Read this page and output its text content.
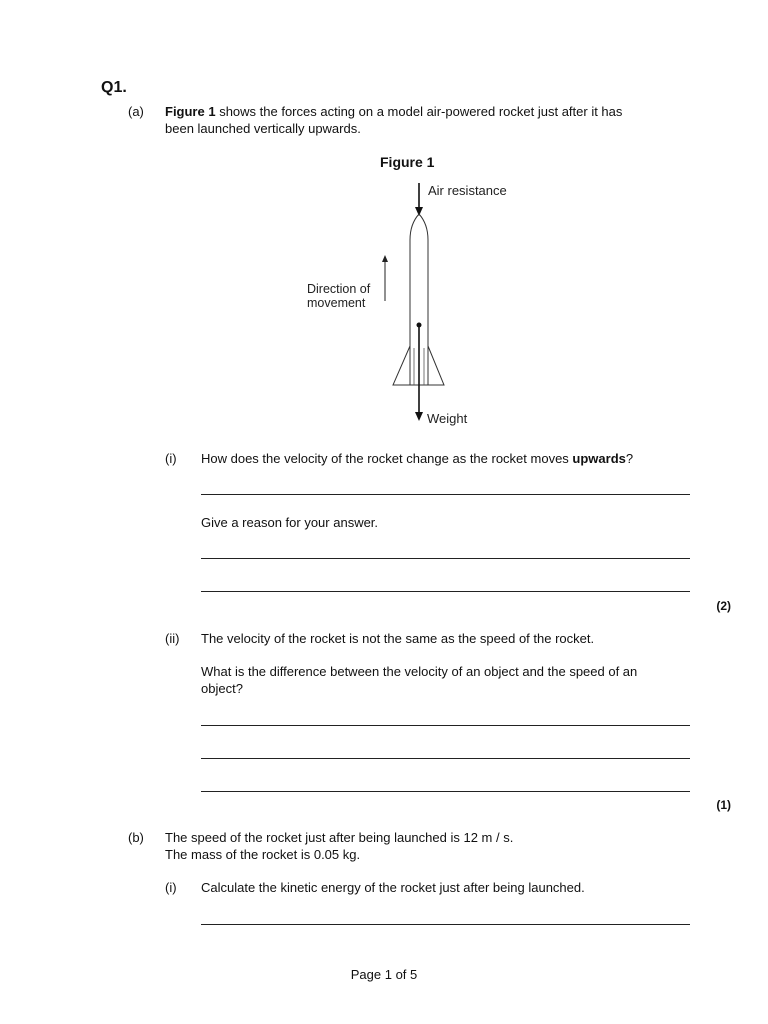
Q1.
(a) Figure 1 shows the forces acting on a model air-powered rocket just after it has
been launched vertically upwards.
Figure 1
Air resistance
Weight
Direction of
movement
(i) How does the velocity of the rocket change as the rocket moves upwards?
Give a reason for your answer.
(2)
(ii) The velocity of the rocket is not the same as the speed of the rocket.
What is the difference between the velocity of an object and the speed of an
object?
(1)
(b) The speed of the rocket just after being launched is 12 m / s.
The mass of the rocket is 0.05 kg.
(i) Calculate the kinetic energy of the rocket just after being launched.
Page 1 of 5
